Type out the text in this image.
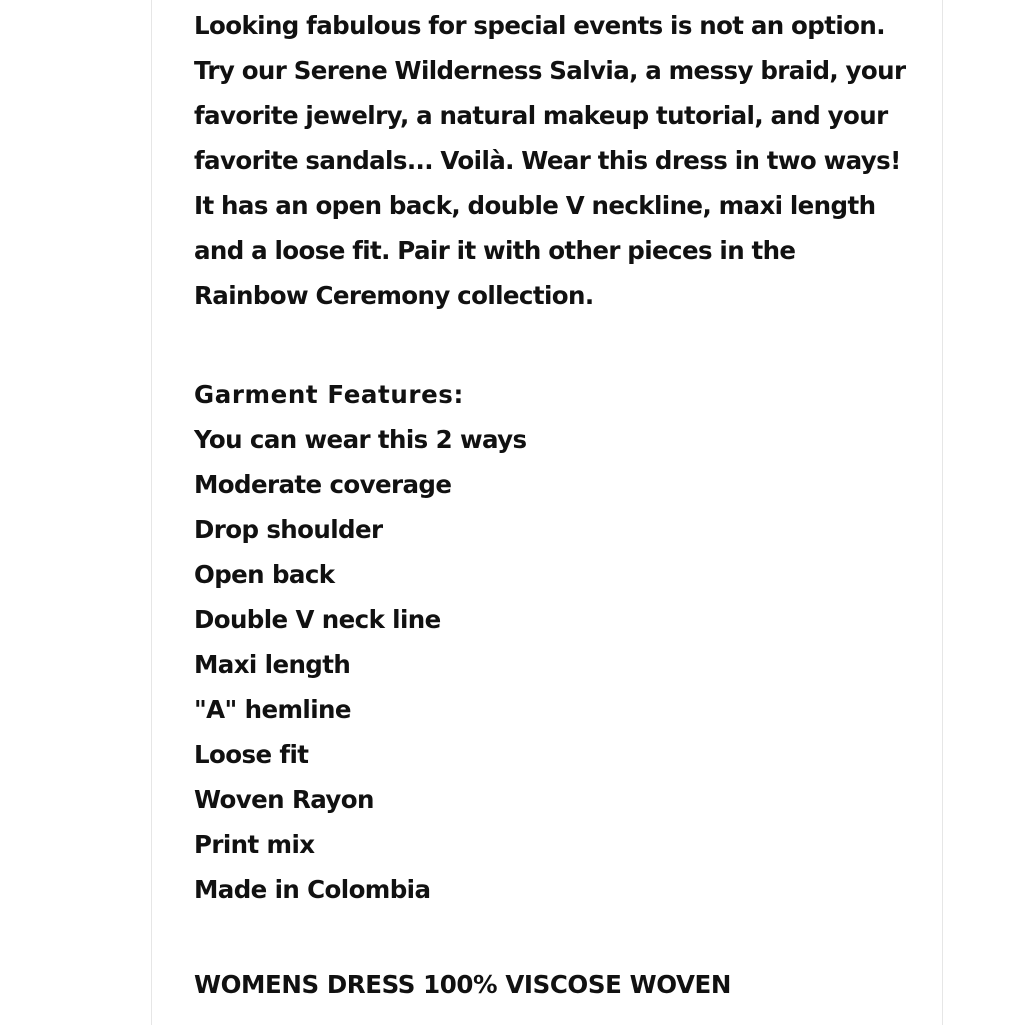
Looking fabulous for special events is not an option. Try our Serene Wilderness Salvia, a messy braid, your favorite jewelry, a natural makeup tutorial, and your favorite sandals... Voilà. Wear this dress in two ways! It has an open back, double V neckline, maxi length and a loose fit. Pair it with other pieces in the Rainbow Ceremony collection.

Garment Features:
You can wear this 2 ways
Moderate coverage
Drop shoulder
Open back
Double V neck line
Maxi length
"A" hemline
Loose fit
Woven Rayon
Print mix
Made in Colombia

WOMENS DRESS 100% VISCOSE WOVEN
